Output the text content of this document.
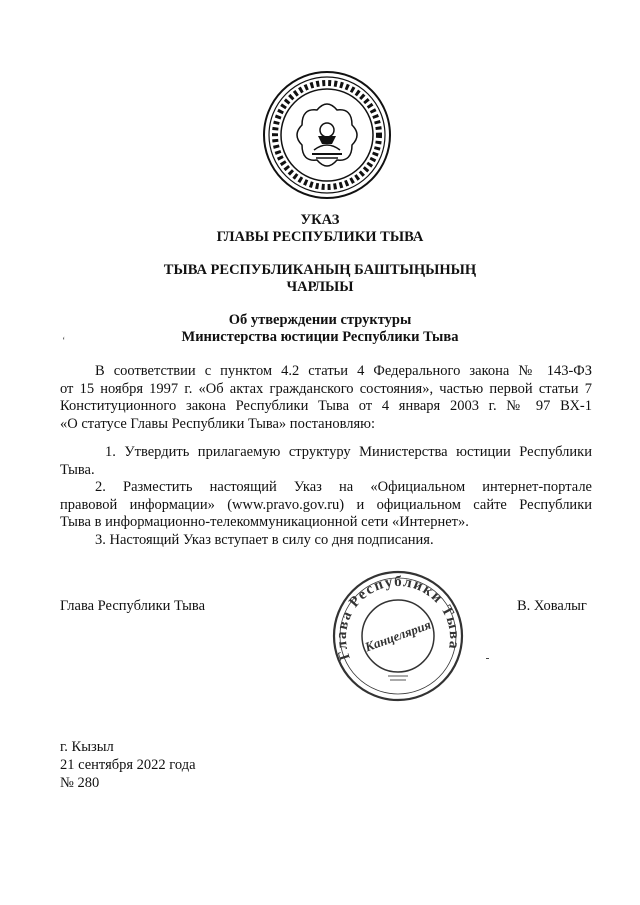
УКАЗ
ГЛАВЫ РЕСПУБЛИКИ ТЫВА
ТЫВА РЕСПУБЛИКАНЫҢ БАШТЫҢЫНЫҢ
ЧАРЛЫЫ
Об утверждении структуры
Министерства юстиции Республики Тыва
‘
В соответствии с пунктом 4.2 статьи 4 Федерального закона № 143-ФЗ
от 15 ноября 1997 г. «Об актах гражданского состояния», частью первой статьи 7
Конституционного закона Республики Тыва от 4 января 2003 г. № 97 ВХ-1
«О статусе Главы Республики Тыва» постановляю:
1. Утвердить прилагаемую структуру Министерства юстиции Республики
Тыва.
2. Разместить настоящий Указ на «Официальном интернет-портале
правовой информации» (www.pravo.gov.ru) и официальном сайте Республики
Тыва в информационно-телекоммуникационной сети «Интернет».
3. Настоящий Указ вступает в силу со дня подписания.
Глава Республики Тыва	В. Ховалыг
Глава Республики Тыва
Канцелярия
г. Кызыл
21 сентября 2022 года
№ 280
